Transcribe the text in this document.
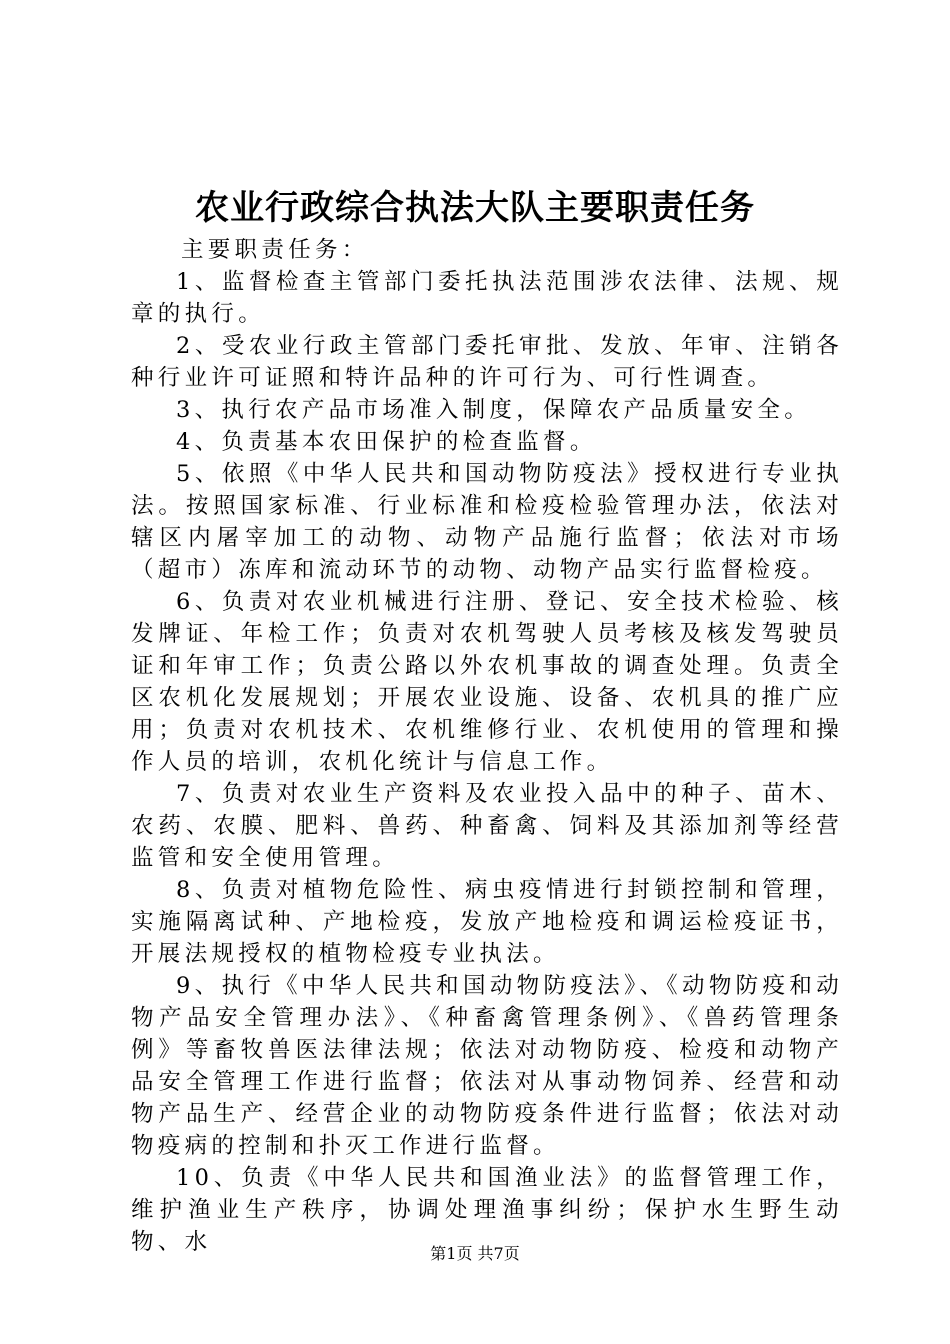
农业行政综合执法大队主要职责任务

主要职责任务：

1、监督检查主管部门委托执法范围涉农法律、法规、规章的执行。

2、受农业行政主管部门委托审批、发放、年审、注销各种行业许可证照和特许品种的许可行为、可行性调查。

3、执行农产品市场准入制度，保障农产品质量安全。

4、负责基本农田保护的检查监督。

5、依照《中华人民共和国动物防疫法》授权进行专业执法。按照国家标准、行业标准和检疫检验管理办法，依法对辖区内屠宰加工的动物、动物产品施行监督；依法对市场（超市）冻库和流动环节的动物、动物产品实行监督检疫。

6、负责对农业机械进行注册、登记、安全技术检验、核发牌证、年检工作；负责对农机驾驶人员考核及核发驾驶员证和年审工作；负责公路以外农机事故的调查处理。负责全区农机化发展规划；开展农业设施、设备、农机具的推广应用；负责对农机技术、农机维修行业、农机使用的管理和操作人员的培训，农机化统计与信息工作。

7、负责对农业生产资料及农业投入品中的种子、苗木、农药、农膜、肥料、兽药、种畜禽、饲料及其添加剂等经营监管和安全使用管理。

8、负责对植物危险性、病虫疫情进行封锁控制和管理，实施隔离试种、产地检疫，发放产地检疫和调运检疫证书，开展法规授权的植物检疫专业执法。

9、执行《中华人民共和国动物防疫法》、《动物防疫和动物产品安全管理办法》、《种畜禽管理条例》、《兽药管理条例》等畜牧兽医法律法规；依法对动物防疫、检疫和动物产品安全管理工作进行监督；依法对从事动物饲养、经营和动物产品生产、经营企业的动物防疫条件进行监督；依法对动物疫病的控制和扑灭工作进行监督。

10、负责《中华人民共和国渔业法》的监督管理工作，维护渔业生产秩序，协调处理渔事纠纷；保护水生野生动物、水	第1页 共7页
